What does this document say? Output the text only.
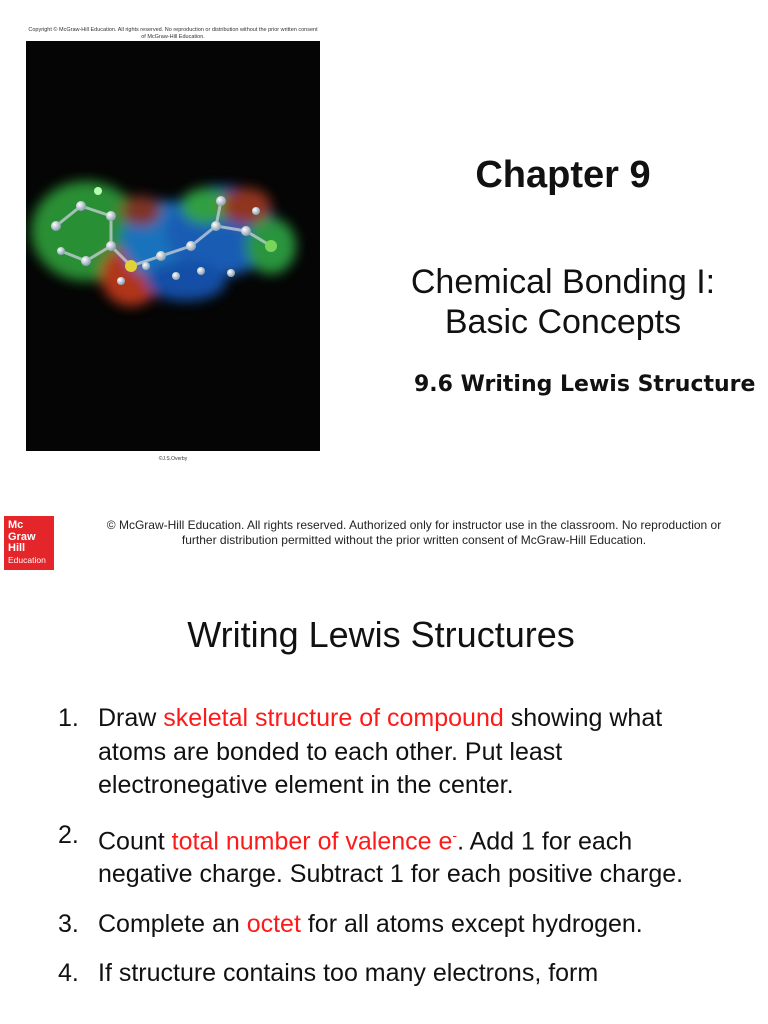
Copyright © McGraw-Hill Education. All rights reserved. No reproduction or distribution without the prior written consent of McGraw-Hill Education.
©J.S.Overby
Chapter 9
Chemical Bonding I:
Basic Concepts
9.6 Writing Lewis Structure
Mc
Graw
Hill
Education
© McGraw-Hill Education. All rights reserved. Authorized only for instructor use in the classroom. No reproduction or
further distribution permitted without the prior written consent of McGraw-Hill Education.
Writing Lewis Structures
1. Draw skeletal structure of compound showing what atoms are bonded to each other. Put least electronegative element in the center.
2. Count total number of valence e-. Add 1 for each negative charge. Subtract 1 for each positive charge.
3. Complete an octet for all atoms except hydrogen.
4. If structure contains too many electrons, form
